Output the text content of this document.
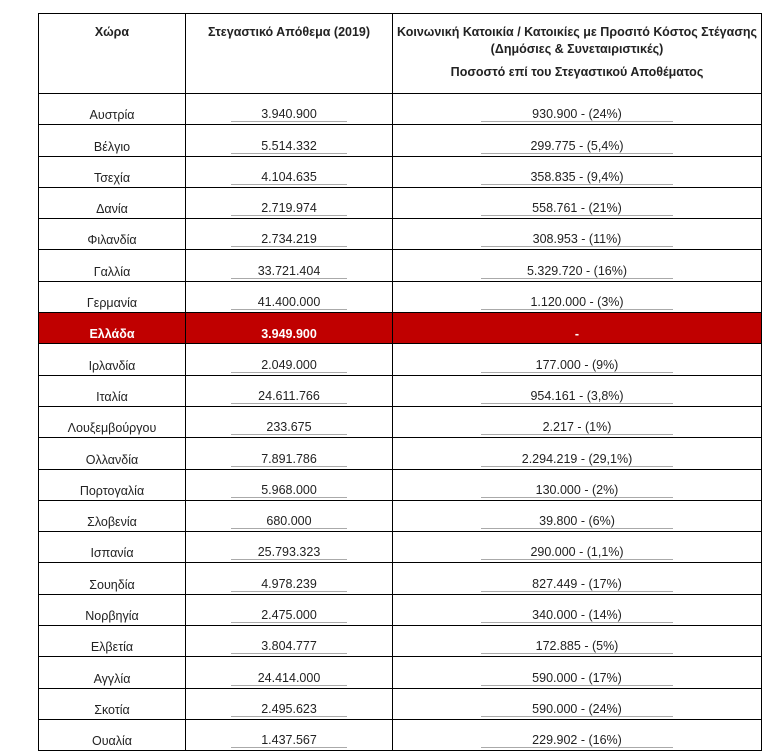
Χώρα	Στεγαστικό Απόθεμα (2019)	Κοινωνική Κατοικία / Κατοικίες με Προσιτό Κόστος Στέγασης (Δημόσιες & Συνεταιριστικές)
Ποσοστό επί του Στεγαστικού Αποθέματος

Αυστρία	3.940.900	930.900 - (24%)
Βέλγιο	5.514.332	299.775 - (5,4%)
Τσεχία	4.104.635	358.835 - (9,4%)
Δανία	2.719.974	558.761 - (21%)
Φιλανδία	2.734.219	308.953 - (11%)
Γαλλία	33.721.404	5.329.720 - (16%)
Γερμανία	41.400.000	1.120.000 - (3%)
Ελλάδα	3.949.900	-
Ιρλανδία	2.049.000	177.000 - (9%)
Ιταλία	24.611.766	954.161 - (3,8%)
Λουξεμβούργου	233.675	2.217 - (1%)
Ολλανδία	7.891.786	2.294.219 - (29,1%)
Πορτογαλία	5.968.000	130.000 - (2%)
Σλοβενία	680.000	39.800 - (6%)
Ισπανία	25.793.323	290.000 - (1,1%)
Σουηδία	4.978.239	827.449 - (17%)
Νορβηγία	2.475.000	340.000 - (14%)
Ελβετία	3.804.777	172.885 - (5%)
Αγγλία	24.414.000	590.000 - (17%)
Σκοτία	2.495.623	590.000 - (24%)
Ουαλία	1.437.567	229.902 - (16%)
